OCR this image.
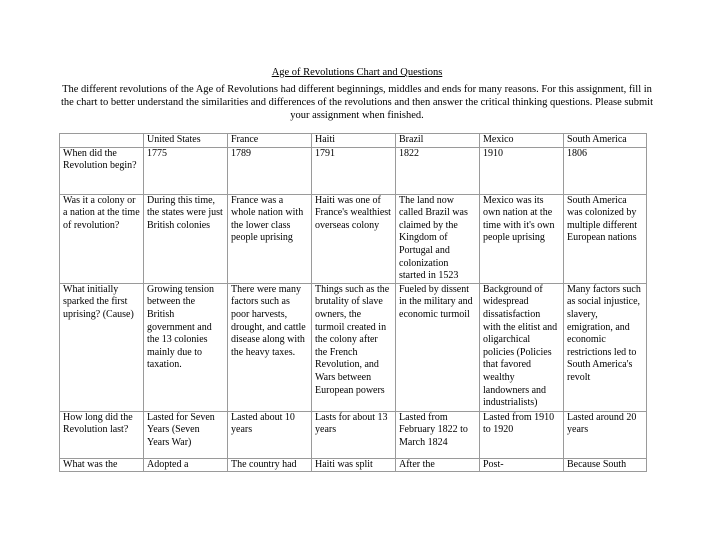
Age of Revolutions Chart and Questions
The different revolutions of the Age of Revolutions had different beginnings, middles and ends for many reasons. For this assignment, fill in the chart to better understand the similarities and differences of the revolutions and then answer the critical thinking questions. Please submit your assignment when finished.
	United States	France	Haiti	Brazil	Mexico	South America
When did the Revolution begin?	1775	1789	1791	1822	1910	1806
Was it a colony or a nation at the time of revolution?	During this time, the states were just British colonies	France was a whole nation with the lower class people uprising	Haiti was one of France's wealthiest overseas colony	The land now called Brazil was claimed by the Kingdom of Portugal and colonization started in 1523	Mexico was its own nation at the time with it's own people uprising	South America was colonized by multiple different European nations
What initially sparked the first uprising? (Cause)	Growing tension between the British government and the 13 colonies mainly due to taxation.	There were many factors such as poor harvests, drought, and cattle disease along with the heavy taxes.	Things such as the brutality of slave owners, the turmoil created in the colony after the French Revolution, and Wars between European powers	Fueled by dissent in the military and economic turmoil	Background of widespread dissatisfaction with the elitist and oligarchical policies (Policies that favored wealthy landowners and industrialists)	Many factors such as social injustice, slavery, emigration, and economic restrictions led to South America's revolt
How long did the Revolution last?	Lasted for Seven Years (Seven Years War)	Lasted about 10 years	Lasts for about 13 years	Lasted from February 1822 to March 1824	Lasted from 1910 to 1920	Lasted around 20 years
What was the	Adopted a	The country had	Haiti was split	After the	Post-	Because South
